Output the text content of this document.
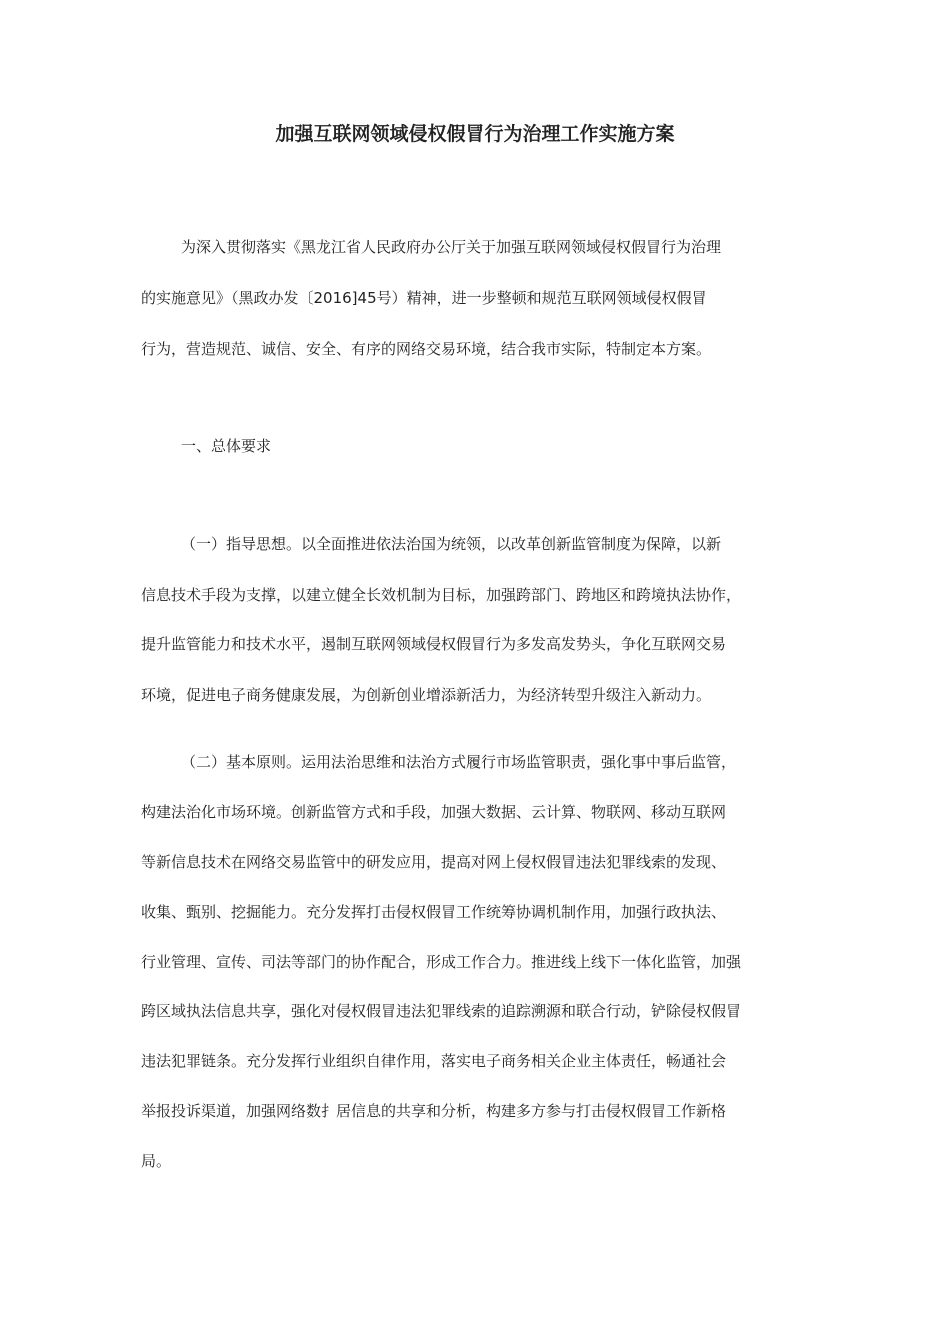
加强互联网领域侵权假冒行为治理工作实施方案
为深入贯彻落实《黑龙江省人民政府办公厅关于加强互联网领域侵权假冒行为治理
的实施意见》（黑政办发〔2016]45号）精神，进一步整顿和规范互联网领域侵权假冒
行为，营造规范、诚信、安全、有序的网络交易环境，结合我市实际，特制定本方案。
一、总体要求
（一）指导思想。以全面推进依法治国为统领，以改革创新监管制度为保障，以新
信息技术手段为支撑，以建立健全长效机制为目标，加强跨部门、跨地区和跨境执法协作，
提升监管能力和技术水平，遏制互联网领域侵权假冒行为多发高发势头，争化互联网交易
环境，促进电子商务健康发展，为创新创业增添新活力，为经济转型升级注入新动力。
（二）基本原则。运用法治思维和法治方式履行市场监管职责，强化事中事后监管，
构建法治化市场环境。创新监管方式和手段，加强大数据、云计算、物联网、移动互联网
等新信息技术在网络交易监管中的研发应用，提高对网上侵权假冒违法犯罪线索的发现、
收集、甄别、挖掘能力。充分发挥打击侵权假冒工作统筹协调机制作用，加强行政执法、
行业管理、宣传、司法等部门的协作配合，形成工作合力。推进线上线下一体化监管，加强
跨区域执法信息共享，强化对侵权假冒违法犯罪线索的追踪溯源和联合行动，铲除侵权假冒
违法犯罪链条。充分发挥行业组织自律作用，落实电子商务相关企业主体责任，畅通社会
举报投诉渠道，加强网络数扌居信息的共享和分析，构建多方参与打击侵权假冒工作新格
局。
